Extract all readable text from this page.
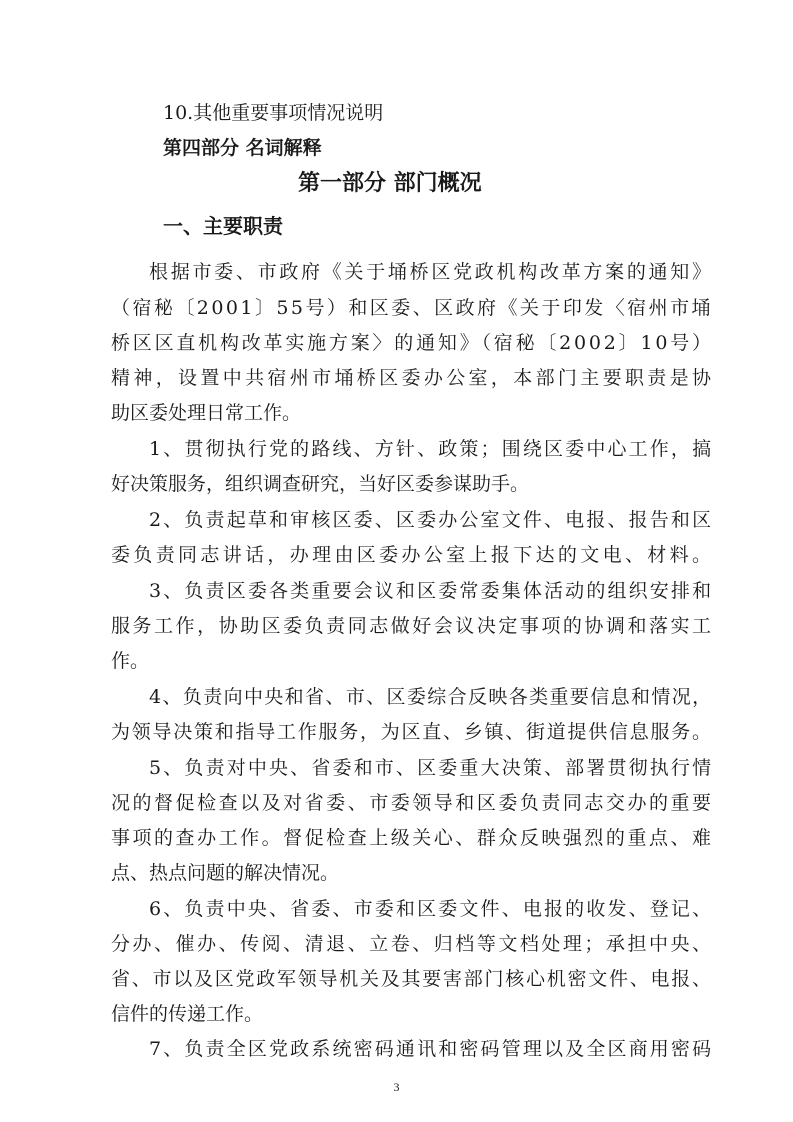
10.其他重要事项情况说明
第四部分 名词解释
第一部分 部门概况
一、主要职责
根据市委、市政府《关于埇桥区党政机构改革方案的通知》
（宿秘〔2001〕55号）和区委、区政府《关于印发〈宿州市埇
桥区区直机构改革实施方案〉的通知》（宿秘〔2002〕10号）
精神，设置中共宿州市埇桥区委办公室，本部门主要职责是协
助区委处理日常工作。
1、贯彻执行党的路线、方针、政策；围绕区委中心工作，搞
好决策服务，组织调查研究，当好区委参谋助手。
2、负责起草和审核区委、区委办公室文件、电报、报告和区
委负责同志讲话，办理由区委办公室上报下达的文电、材料。
3、负责区委各类重要会议和区委常委集体活动的组织安排和
服务工作，协助区委负责同志做好会议决定事项的协调和落实工
作。
4、负责向中央和省、市、区委综合反映各类重要信息和情况，
为领导决策和指导工作服务，为区直、乡镇、街道提供信息服务。
5、负责对中央、省委和市、区委重大决策、部署贯彻执行情
况的督促检查以及对省委、市委领导和区委负责同志交办的重要
事项的查办工作。督促检查上级关心、群众反映强烈的重点、难
点、热点问题的解决情况。
6、负责中央、省委、市委和区委文件、电报的收发、登记、
分办、催办、传阅、清退、立卷、归档等文档处理；承担中央、
省、市以及区党政军领导机关及其要害部门核心机密文件、电报、
信件的传递工作。
7、负责全区党政系统密码通讯和密码管理以及全区商用密码
3
